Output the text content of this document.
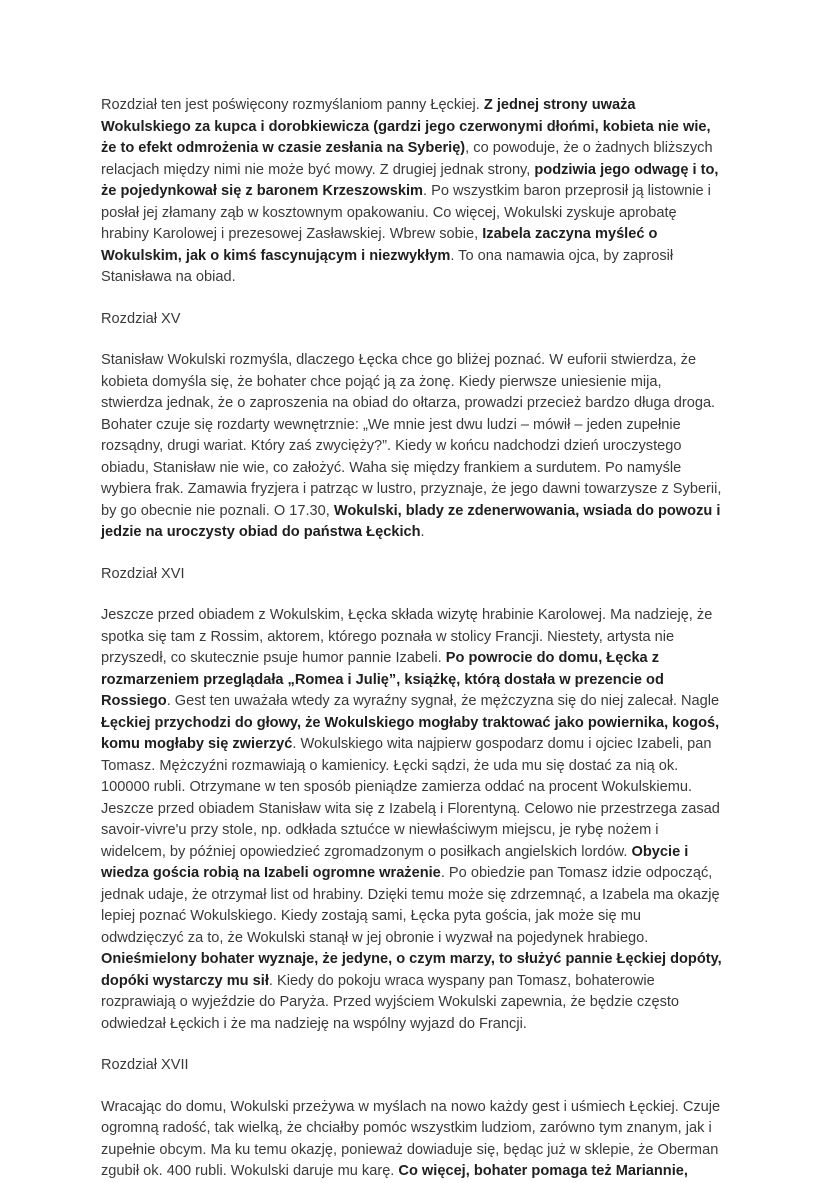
Rozdział ten jest poświęcony rozmyślaniom panny Łęckiej. Z jednej strony uważa Wokulskiego za kupca i dorobkiewicza (gardzi jego czerwonymi dłońmi, kobieta nie wie, że to efekt odmrożenia w czasie zesłania na Syberię), co powoduje, że o żadnych bliższych relacjach między nimi nie może być mowy. Z drugiej jednak strony, podziwia jego odwagę i to, że pojedynkował się z baronem Krzeszowskim. Po wszystkim baron przeprosił ją listownie i posłał jej złamany ząb w kosztownym opakowaniu. Co więcej, Wokulski zyskuje aprobatę hrabiny Karolowej i prezesowej Zasławskiej. Wbrew sobie, Izabela zaczyna myśleć o Wokulskim, jak o kimś fascynującym i niezwykłym. To ona namawia ojca, by zaprosił Stanisława na obiad.

Rozdział XV

Stanisław Wokulski rozmyśla, dlaczego Łęcka chce go bliżej poznać. W euforii stwierdza, że kobieta domyśla się, że bohater chce pojąć ją za żonę. Kiedy pierwsze uniesienie mija, stwierdza jednak, że o zaproszenia na obiad do ołtarza, prowadzi przecież bardzo długa droga. Bohater czuje się rozdarty wewnętrznie: „We mnie jest dwu ludzi – mówił – jeden zupełnie rozsądny, drugi wariat. Który zaś zwycięży?”. Kiedy w końcu nadchodzi dzień uroczystego obiadu, Stanisław nie wie, co założyć. Waha się między frankiem a surdutem. Po namyśle wybiera frak. Zamawia fryzjera i patrząc w lustro, przyznaje, że jego dawni towarzysze z Syberii, by go obecnie nie poznali. O 17.30, Wokulski, blady ze zdenerwowania, wsiada do powozu i jedzie na uroczysty obiad do państwa Łęckich.

Rozdział XVI

Jeszcze przed obiadem z Wokulskim, Łęcka składa wizytę hrabinie Karolowej. Ma nadzieję, że spotka się tam z Rossim, aktorem, którego poznała w stolicy Francji. Niestety, artysta nie przyszedł, co skutecznie psuje humor pannie Izabeli. Po powrocie do domu, Łęcka z rozmarzeniem przeglądała „Romea i Julię”, książkę, którą dostała w prezencie od Rossiego. Gest ten uważała wtedy za wyraźny sygnał, że mężczyzna się do niej zalecał. Nagle Łęckiej przychodzi do głowy, że Wokulskiego mogłaby traktować jako powiernika, kogoś, komu mogłaby się zwierzyć. Wokulskiego wita najpierw gospodarz domu i ojciec Izabeli, pan Tomasz. Mężczyźni rozmawiają o kamienicy. Łęcki sądzi, że uda mu się dostać za nią ok. 100000 rubli. Otrzymane w ten sposób pieniądze zamierza oddać na procent Wokulskiemu. Jeszcze przed obiadem Stanisław wita się z Izabelą i Florentyną. Celowo nie przestrzega zasad savoir-vivre'u przy stole, np. odkłada sztućce w niewłaściwym miejscu, je rybę nożem i widelcem, by później opowiedzieć zgromadzonym o posiłkach angielskich lordów. Obycie i wiedza gościa robią na Izabeli ogromne wrażenie. Po obiedzie pan Tomasz idzie odpocząć, jednak udaje, że otrzymał list od hrabiny. Dzięki temu może się zdrzemnąć, a Izabela ma okazję lepiej poznać Wokulskiego. Kiedy zostają sami, Łęcka pyta gościa, jak może się mu odwdzięczyć za to, że Wokulski stanął w jej obronie i wyzwał na pojedynek hrabiego. Onieśmielony bohater wyznaje, że jedyne, o czym marzy, to służyć pannie Łęckiej dopóty, dopóki wystarczy mu sił. Kiedy do pokoju wraca wyspany pan Tomasz, bohaterowie rozprawiają o wyjeździe do Paryża. Przed wyjściem Wokulski zapewnia, że będzie często odwiedzał Łęckich i że ma nadzieję na wspólny wyjazd do Francji.

Rozdział XVII

Wracając do domu, Wokulski przeżywa w myślach na nowo każdy gest i uśmiech Łęckiej. Czuje ogromną radość, tak wielką, że chciałby pomóc wszystkim ludziom, zarówno tym znanym, jak i zupełnie obcym. Ma ku temu okazję, ponieważ dowiaduje się, będąc już w sklepie, że Oberman zgubił ok. 400 rubli. Wokulski daruje mu karę. Co więcej, bohater pomaga też Mariannie,
